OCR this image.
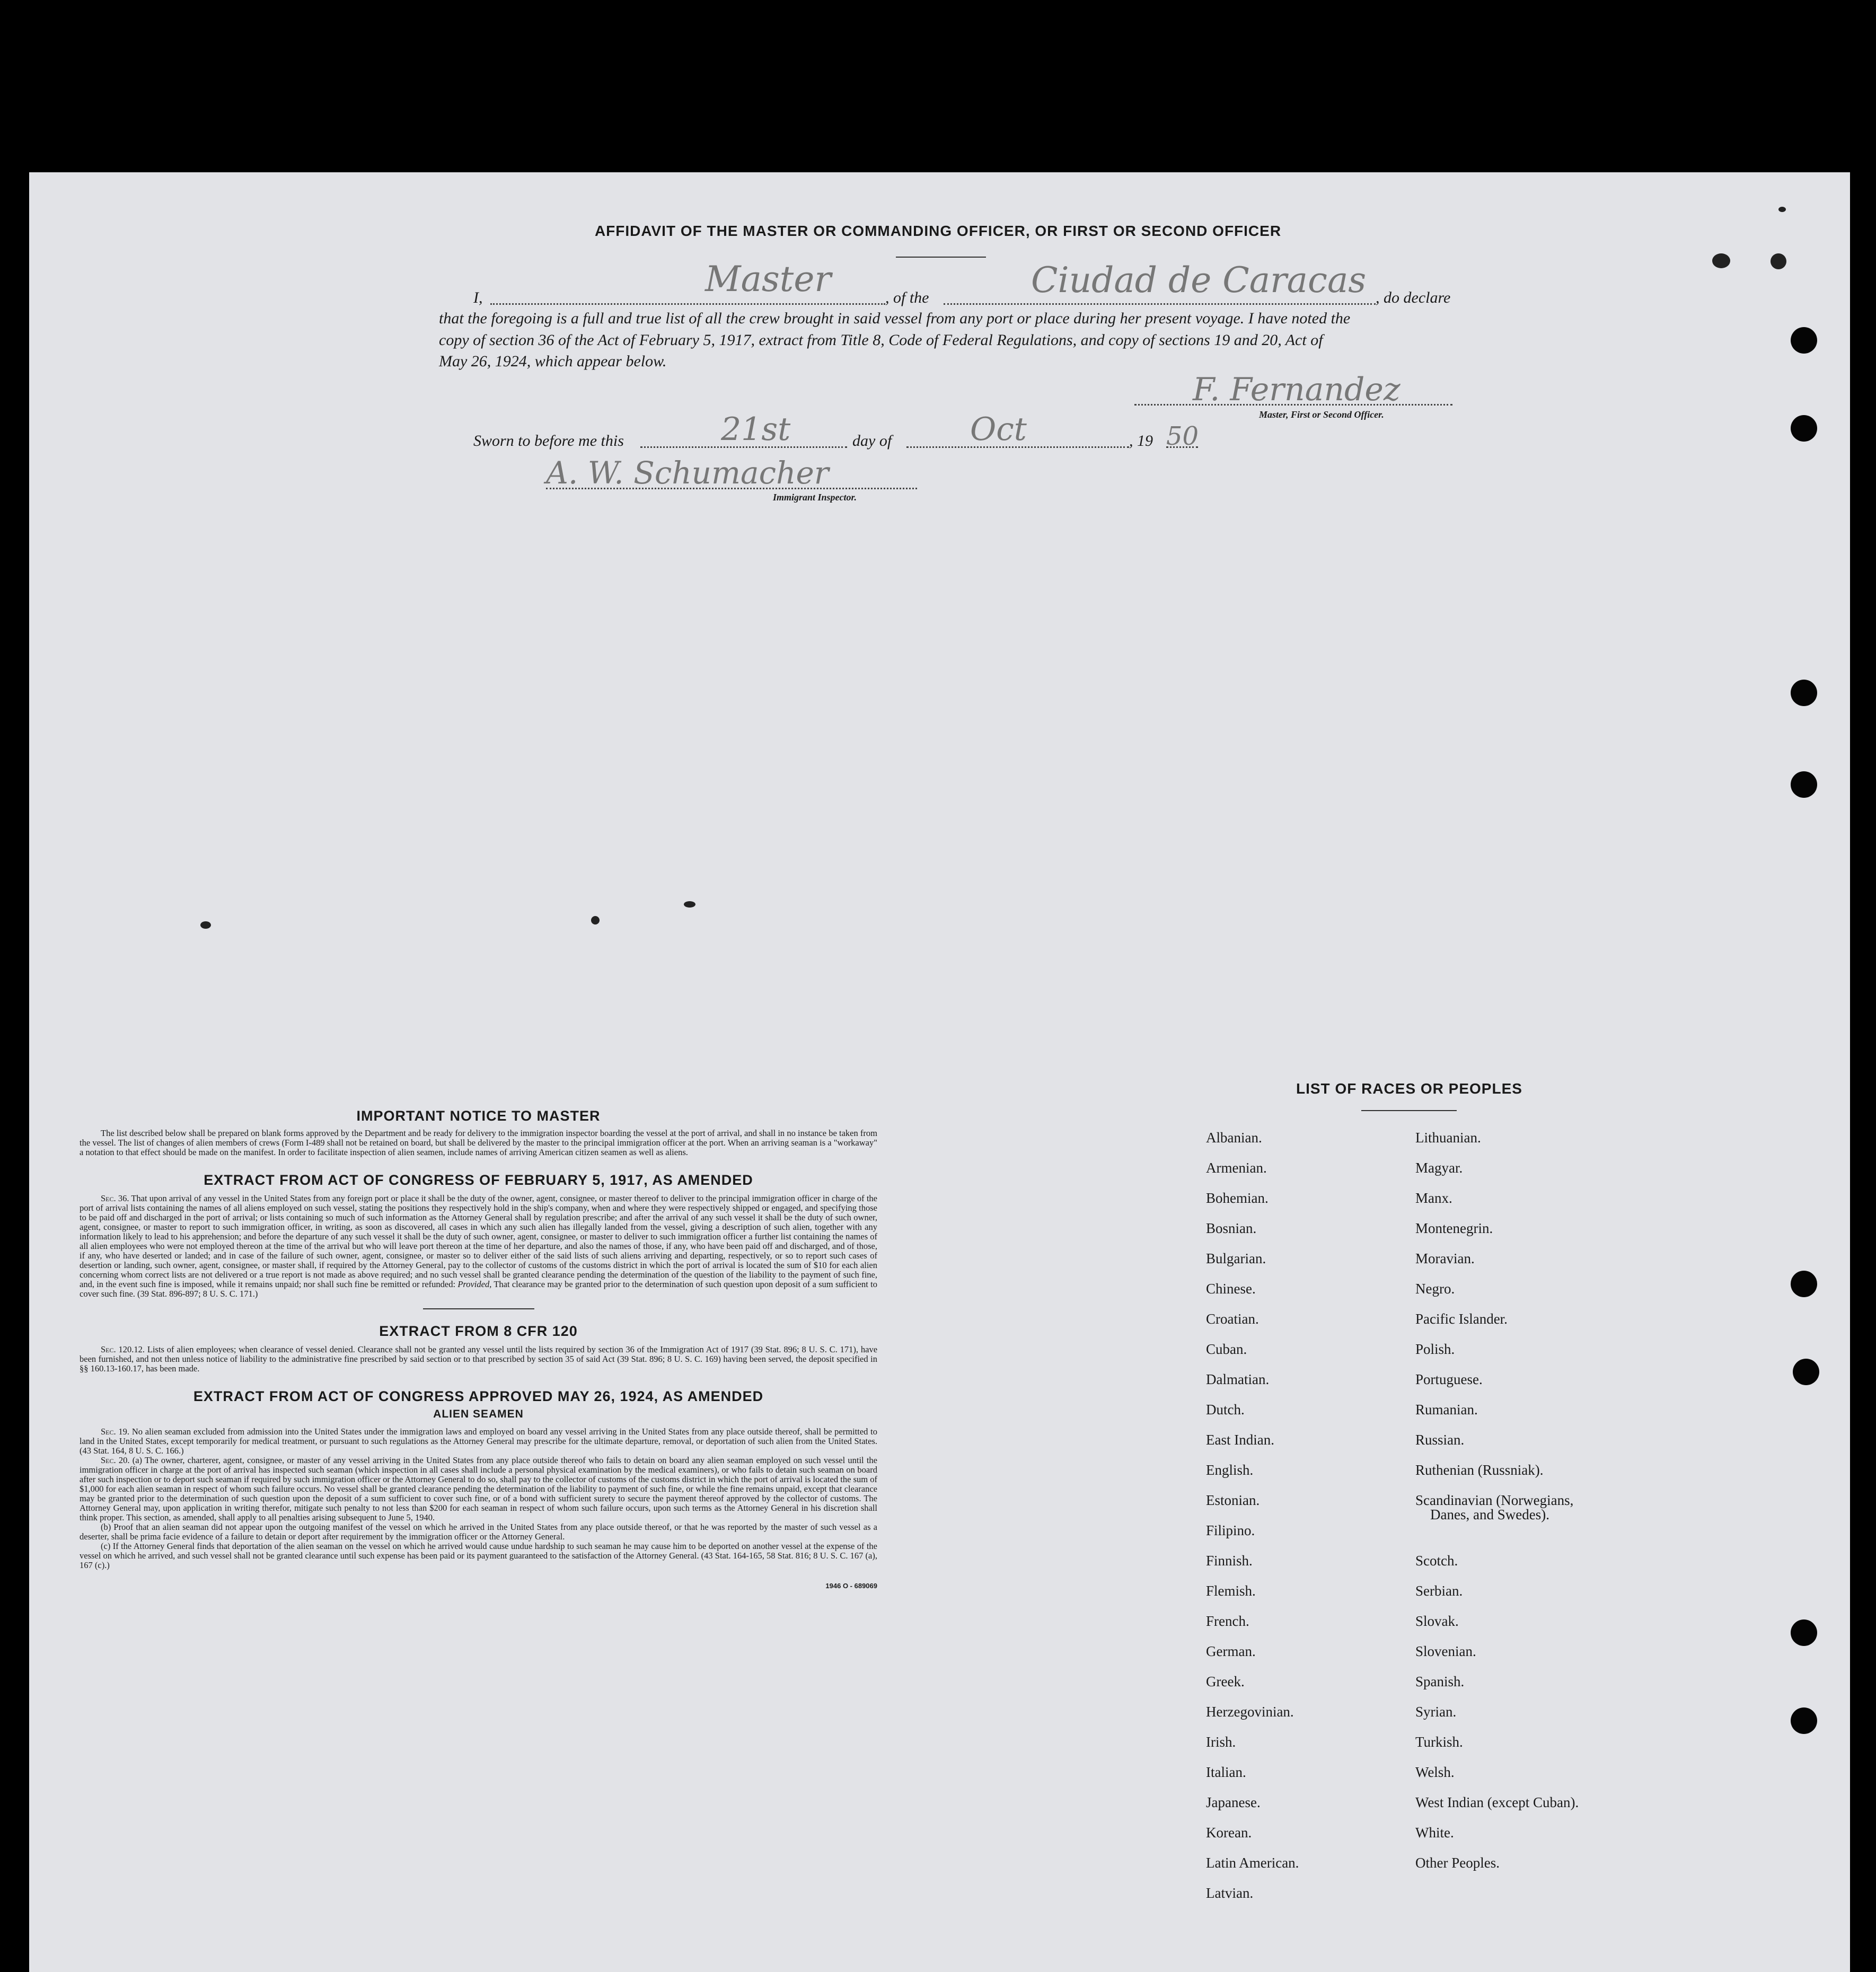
AFFIDAVIT OF THE MASTER OR COMMANDING OFFICER, OR FIRST OR SECOND OFFICER
I,	Master	, of the	Ciudad de Caracas , do declare
that the foregoing is a full and true list of all the crew brought in said vessel from any port or place during her present voyage. I have noted the
copy of section 36 of the Act of February 5, 1917, extract from Title 8, Code of Federal Regulations, and copy of sections 19 and 20, Act of
May 26, 1924, which appear below.
F. Fernandez
Master, First or Second Officer.
Sworn to before me this	21st	day of Oct	, 19 50
A. W. Schumacher
Immigrant Inspector.
IMPORTANT NOTICE TO MASTER
The list described below shall be prepared on blank forms approved by the Department and be ready for delivery to the immigration inspector boarding the vessel at the port of arrival, and shall in no instance be taken from the vessel. The list of changes of alien members of crews (Form I-489 shall not be retained on board, but shall be delivered by the master to the principal immigration officer at the port. When an arriving seaman is a "workaway" a notation to that effect should be made on the manifest. In order to facilitate inspection of alien seamen, include names of arriving American citizen seamen as well as aliens.
EXTRACT FROM ACT OF CONGRESS OF FEBRUARY 5, 1917, AS AMENDED
Sec. 36. That upon arrival of any vessel in the United States from any foreign port or place it shall be the duty of the owner, agent, consignee, or master thereof to deliver to the principal immigration officer in charge of the port of arrival lists containing the names of all aliens employed on such vessel, stating the positions they respectively hold in the ship's company, when and where they were respectively shipped or engaged, and specifying those to be paid off and discharged in the port of arrival; or lists containing so much of such information as the Attorney General shall by regulation prescribe; and after the arrival of any such vessel it shall be the duty of such owner, agent, consignee, or master to report to such immigration officer, in writing, as soon as discovered, all cases in which any such alien has illegally landed from the vessel, giving a description of such alien, together with any information likely to lead to his apprehension; and before the departure of any such vessel it shall be the duty of such owner, agent, consignee, or master to deliver to such immigration officer a further list containing the names of all alien employees who were not employed thereon at the time of the arrival but who will leave port thereon at the time of her departure, and also the names of those, if any, who have been paid off and discharged, and of those, if any, who have deserted or landed; and in case of the failure of such owner, agent, consignee, or master so to deliver either of the said lists of such aliens arriving and departing, respectively, or so to report such cases of desertion or landing, such owner, agent, consignee, or master shall, if required by the Attorney General, pay to the collector of customs of the customs district in which the port of arrival is located the sum of $10 for each alien concerning whom correct lists are not delivered or a true report is not made as above required; and no such vessel shall be granted clearance pending the determination of the question of the liability to the payment of such fine, and, in the event such fine is imposed, while it remains unpaid; nor shall such fine be remitted or refunded: Provided, That clearance may be granted prior to the determination of such question upon deposit of a sum sufficient to cover such fine. (39 Stat. 896-897; 8 U. S. C. 171.)
EXTRACT FROM 8 CFR 120
Sec. 120.12. Lists of alien employees; when clearance of vessel denied. Clearance shall not be granted any vessel until the lists required by section 36 of the Immigration Act of 1917 (39 Stat. 896; 8 U. S. C. 171), have been furnished, and not then unless notice of liability to the administrative fine prescribed by said section or to that prescribed by section 35 of said Act (39 Stat. 896; 8 U. S. C. 169) having been served, the deposit specified in §§ 160.13-160.17, has been made.
EXTRACT FROM ACT OF CONGRESS APPROVED MAY 26, 1924, AS AMENDED
ALIEN SEAMEN
Sec. 19. No alien seaman excluded from admission into the United States under the immigration laws and employed on board any vessel arriving in the United States from any place outside thereof, shall be permitted to land in the United States, except temporarily for medical treatment, or pursuant to such regulations as the Attorney General may prescribe for the ultimate departure, removal, or deportation of such alien from the United States. (43 Stat. 164, 8 U. S. C. 166.)
Sec. 20. (a) The owner, charterer, agent, consignee, or master of any vessel arriving in the United States from any place outside thereof who fails to detain on board any alien seaman employed on such vessel until the immigration officer in charge at the port of arrival has inspected such seaman (which inspection in all cases shall include a personal physical examination by the medical examiners), or who fails to detain such seaman on board after such inspection or to deport such seaman if required by such immigration officer or the Attorney General to do so, shall pay to the collector of customs of the customs district in which the port of arrival is located the sum of $1,000 for each alien seaman in respect of whom such failure occurs. No vessel shall be granted clearance pending the determination of the liability to payment of such fine, or while the fine remains unpaid, except that clearance may be granted prior to the determination of such question upon the deposit of a sum sufficient to cover such fine, or of a bond with sufficient surety to secure the payment thereof approved by the collector of customs. The Attorney General may, upon application in writing therefor, mitigate such penalty to not less than $200 for each seaman in respect of whom such failure occurs, upon such terms as the Attorney General in his discretion shall think proper. This section, as amended, shall apply to all penalties arising subsequent to June 5, 1940.
(b) Proof that an alien seaman did not appear upon the outgoing manifest of the vessel on which he arrived in the United States from any place outside thereof, or that he was reported by the master of such vessel as a deserter, shall be prima facie evidence of a failure to detain or deport after requirement by the immigration officer or the Attorney General.
(c) If the Attorney General finds that deportation of the alien seaman on the vessel on which he arrived would cause undue hardship to such seaman he may cause him to be deported on another vessel at the expense of the vessel on which he arrived, and such vessel shall not be granted clearance until such expense has been paid or its payment guaranteed to the satisfaction of the Attorney General. (43 Stat. 164-165, 58 Stat. 816; 8 U. S. C. 167 (a), 167 (c).)
1946 O - 689069
LIST OF RACES OR PEOPLES
Albanian.
Armenian.
Bohemian.
Bosnian.
Bulgarian.
Chinese.
Croatian.
Cuban.
Dalmatian.
Dutch.
East Indian.
English.
Estonian.
Filipino.
Finnish.
Flemish.
French.
German.
Greek.
Herzegovinian.
Irish.
Italian.
Japanese.
Korean.
Latin American.
Latvian.
Lithuanian.
Magyar.
Manx.
Montenegrin.
Moravian.
Negro.
Pacific Islander.
Polish.
Portuguese.
Rumanian.
Russian.
Ruthenian (Russniak).
Scandinavian (Norwegians,
Danes, and Swedes).
Scotch.
Serbian.
Slovak.
Slovenian.
Spanish.
Syrian.
Turkish.
Welsh.
West Indian (except Cuban).
White.
Other Peoples.
